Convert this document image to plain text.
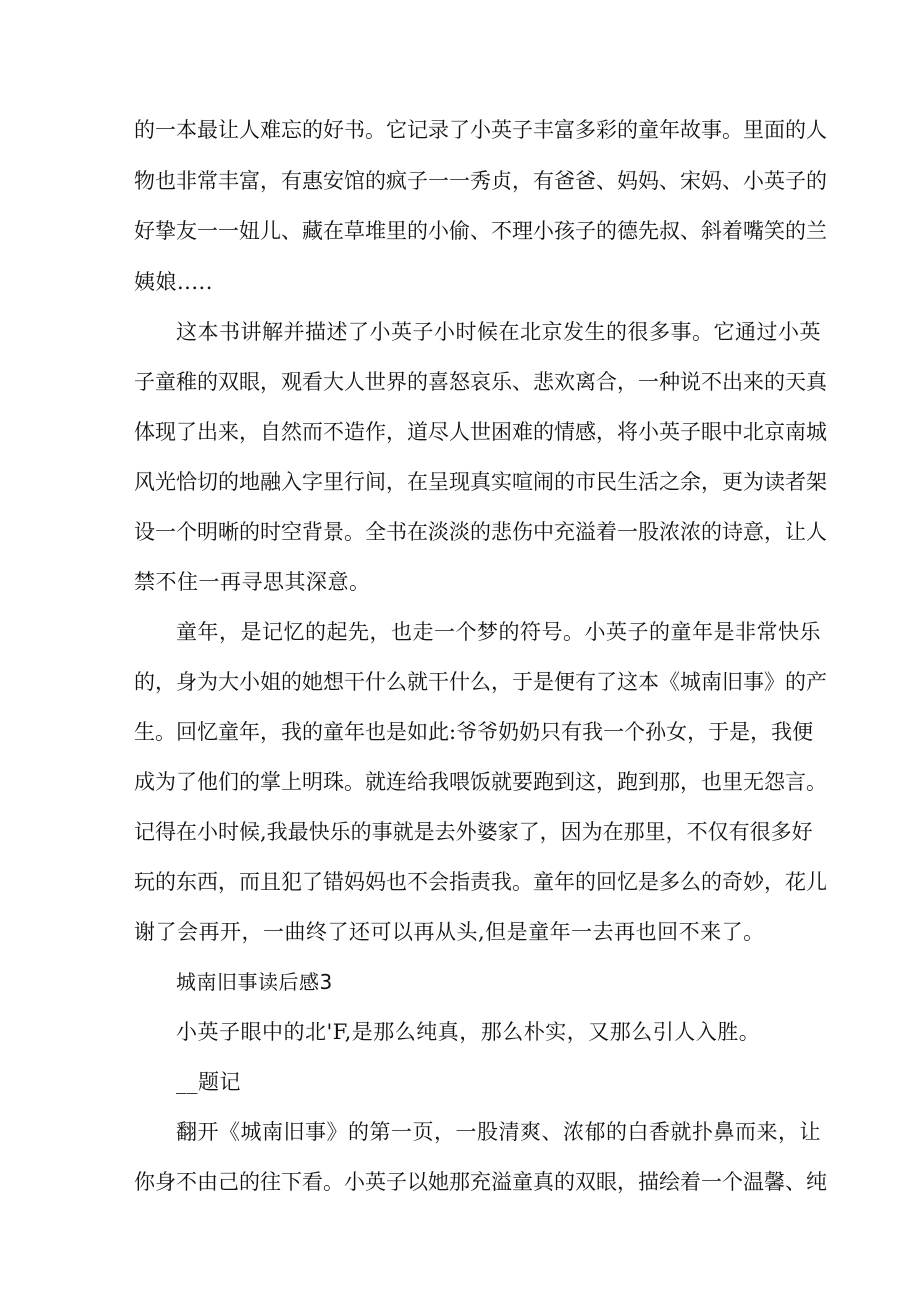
的一本最让人难忘的好书。它记录了小英子丰富多彩的童年故事。里面的人
物也非常丰富，有惠安馆的疯子一一秀贞，有爸爸、妈妈、宋妈、小英子的
好挚友一一妞儿、藏在草堆里的小偷、不理小孩子的德先叔、斜着嘴笑的兰
姨娘.....
这本书讲解并描述了小英子小时候在北京发生的很多事。它通过小英
子童稚的双眼，观看大人世界的喜怒哀乐、悲欢离合，一种说不出来的天真
体现了出来，自然而不造作，道尽人世困难的情感，将小英子眼中北京南城
风光恰切的地融入字里行间，在呈现真实喧闹的市民生活之余，更为读者架
设一个明晰的时空背景。全书在淡淡的悲伤中充溢着一股浓浓的诗意，让人
禁不住一再寻思其深意。
童年，是记忆的起先，也走一个梦的符号。小英子的童年是非常快乐
的，身为大小姐的她想干什么就干什么，于是便有了这本《城南旧事》的产
生。回忆童年，我的童年也是如此:爷爷奶奶只有我一个孙女，于是，我便
成为了他们的掌上明珠。就连给我喂饭就要跑到这，跑到那，也里无怨言。
记得在小时候,我最快乐的事就是去外婆家了，因为在那里，不仅有很多好
玩的东西，而且犯了错妈妈也不会指责我。童年的回忆是多么的奇妙，花儿
谢了会再开，一曲终了还可以再从头,但是童年一去再也回不来了。
城南旧事读后感3
小英子眼中的北'F,是那么纯真，那么朴实，又那么引人入胜。
__题记
翻开《城南旧事》的第一页，一股清爽、浓郁的白香就扑鼻而来，让
你身不由己的往下看。小英子以她那充溢童真的双眼，描绘着一个温馨、纯
